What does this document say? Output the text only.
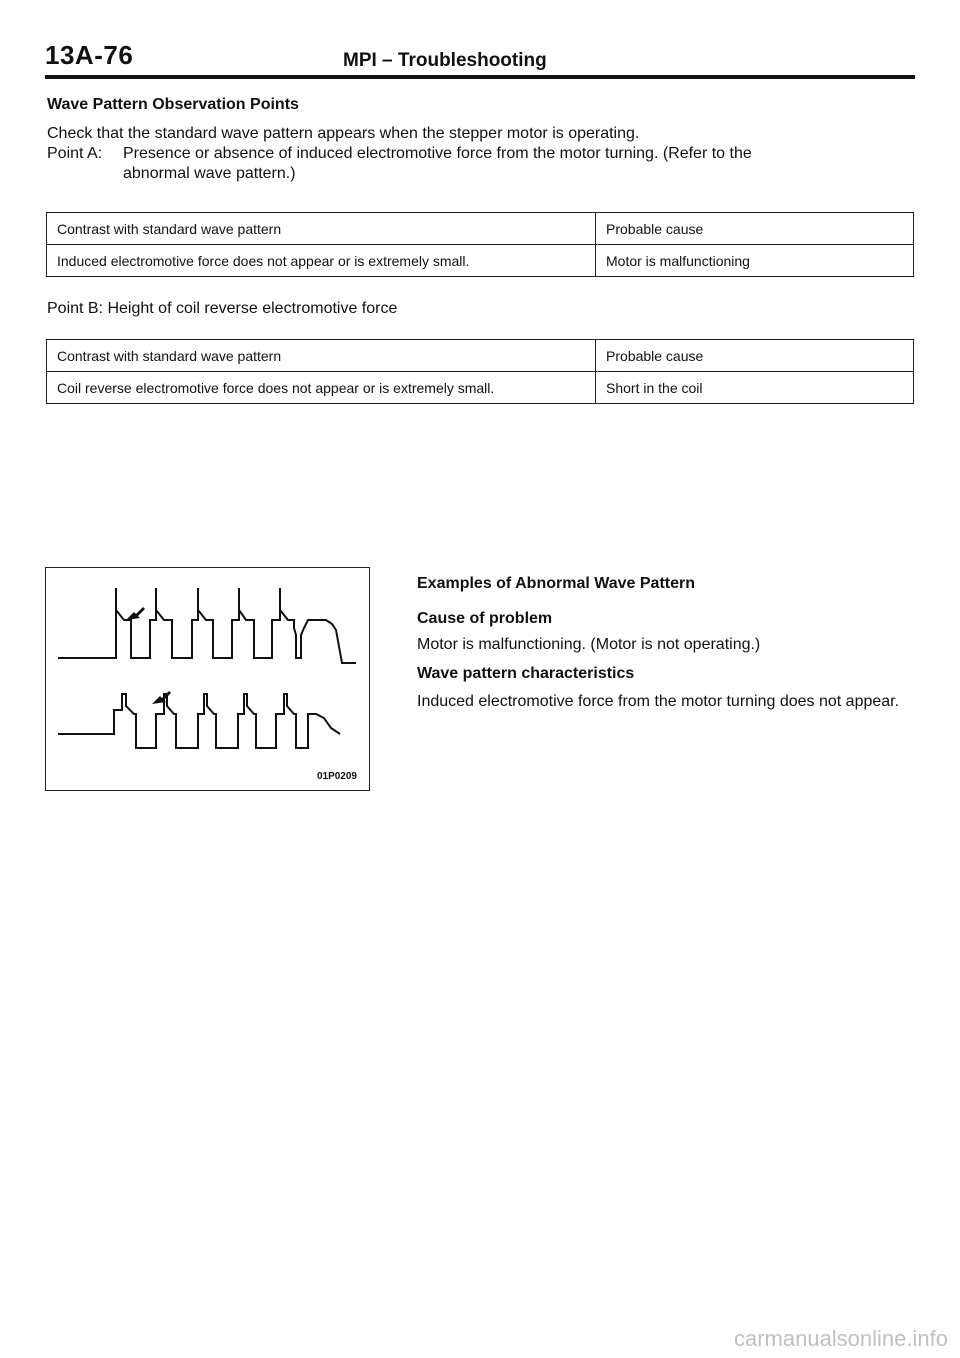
13A-76	MPI – Troubleshooting
Wave Pattern Observation Points
Check that the standard wave pattern appears when the stepper motor is operating.
Point A: Presence or absence of induced electromotive force from the motor turning. (Refer to the
abnormal wave pattern.)
Contrast with standard wave pattern	Probable cause
Induced electromotive force does not appear or is extremely small.	Motor is malfunctioning
Point B: Height of coil reverse electromotive force
Contrast with standard wave pattern	Probable cause
Coil reverse electromotive force does not appear or is extremely small.	Short in the coil
01P0209
Examples of Abnormal Wave Pattern
Cause of problem
Motor is malfunctioning. (Motor is not operating.)
Wave pattern characteristics
Induced electromotive force from the motor turning does not appear.
carmanualsonline.info
